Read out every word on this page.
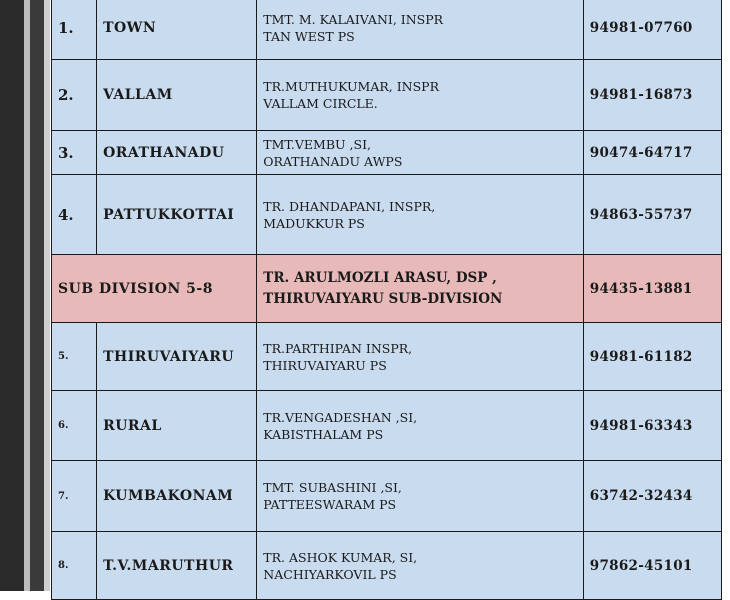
1.	TOWN	TMT. M. KALAIVANI, INSPR
TAN WEST PS	94981-07760
2.	VALLAM	TR.MUTHUKUMAR, INSPR
VALLAM CIRCLE.	94981-16873
3.	ORATHANADU	TMT.VEMBU ,SI,
ORATHANADU AWPS	90474-64717
4.	PATTUKKOTTAI	TR. DHANDAPANI, INSPR,
MADUKKUR PS	94863-55737
SUB DIVISION 5-8		TR. ARULMOZLI ARASU, DSP ,
THIRUVAIYARU SUB-DIVISION	94435-13881
5.	THIRUVAIYARU	TR.PARTHIPAN INSPR,
THIRUVAIYARU PS	94981-61182
6.	RURAL	TR.VENGADESHAN ,SI,
KABISTHALAM PS	94981-63343
7.	KUMBAKONAM	TMT. SUBASHINI ,SI,
PATTEESWARAM PS	63742-32434
8.	T.V.MARUTHUR	TR. ASHOK KUMAR, SI,
NACHIYARKOVIL PS	97862-45101
